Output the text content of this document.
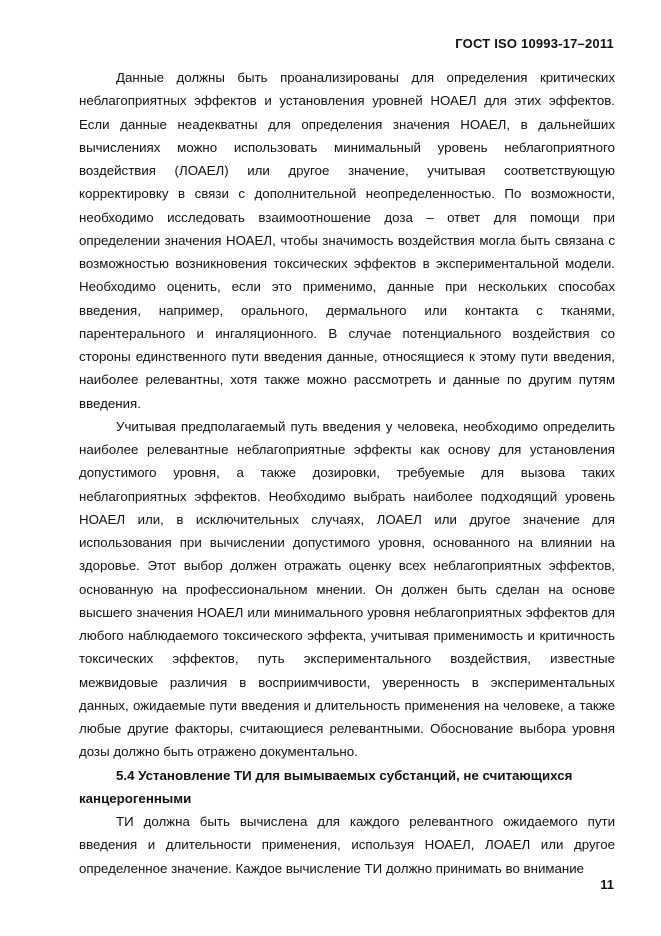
ГОСТ ISO 10993-17–2011

Данные должны быть проанализированы для определения критических неблагоприятных эффектов и установления уровней НОАЕЛ для этих эффектов. Если данные неадекватны для определения значения НОАЕЛ, в дальнейших вычислениях можно использовать минимальный уровень неблагоприятного воздействия (ЛОАЕЛ) или другое значение, учитывая соответствующую корректировку в связи с дополнительной неопределенностью. По возможности, необходимо исследовать взаимоотношение доза – ответ для помощи при определении значения НОАЕЛ, чтобы значимость воздействия могла быть связана с возможностью возникновения токсических эффектов в экспериментальной модели. Необходимо оценить, если это применимо, данные при нескольких способах введения, например, орального, дермального или контакта с тканями, парентерального и ингаляционного. В случае потенциального воздействия со стороны единственного пути введения данные, относящиеся к этому пути введения, наиболее релевантны, хотя также можно рассмотреть и данные по другим путям введения.

Учитывая предполагаемый путь введения у человека, необходимо определить наиболее релевантные неблагоприятные эффекты как основу для установления допустимого уровня, а также дозировки, требуемые для вызова таких неблагоприятных эффектов. Необходимо выбрать наиболее подходящий уровень НОАЕЛ или, в исключительных случаях, ЛОАЕЛ или другое значение для использования при вычислении допустимого уровня, основанного на влиянии на здоровье. Этот выбор должен отражать оценку всех неблагоприятных эффектов, основанную на профессиональном мнении. Он должен быть сделан на основе высшего значения НОАЕЛ или минимального уровня неблагоприятных эффектов для любого наблюдаемого токсического эффекта, учитывая применимость и критичность токсических эффектов, путь экспериментального воздействия, известные межвидовые различия в восприимчивости, уверенность в экспериментальных данных, ожидаемые пути введения и длительность применения на человеке, а также любые другие факторы, считающиеся релевантными. Обоснование выбора уровня дозы должно быть отражено документально.

5.4 Установление ТИ для вымываемых субстанций, не считающихся канцерогенными

ТИ должна быть вычислена для каждого релевантного ожидаемого пути введения и длительности применения, используя НОАЕЛ, ЛОАЕЛ или другое определенное значение. Каждое вычисление ТИ должно принимать во внимание

11
